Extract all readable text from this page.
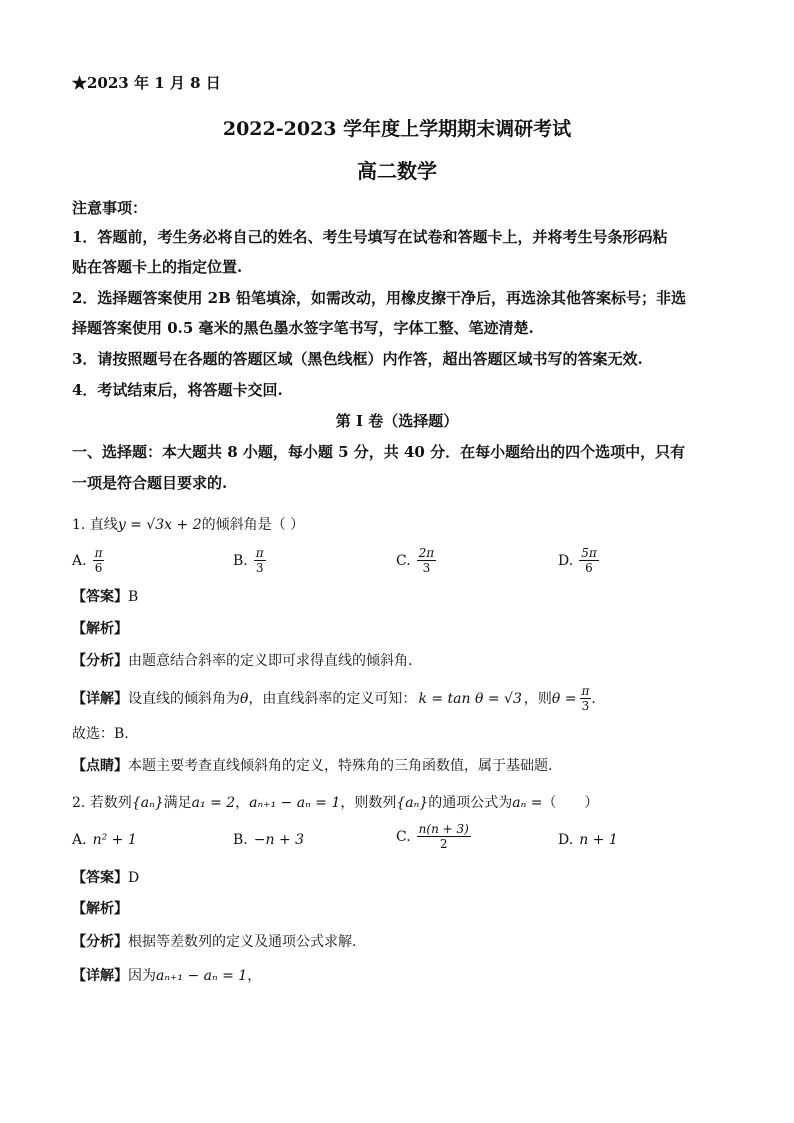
★2023 年 1 月 8 日
2022-2023 学年度上学期期末调研考试
高二数学
注意事项：
1．答题前，考生务必将自己的姓名、考生号填写在试卷和答题卡上，并将考生号条形码粘
贴在答题卡上的指定位置.
2．选择题答案使用 2B 铅笔填涂，如需改动，用橡皮擦干净后，再选涂其他答案标号；非选
择题答案使用 0.5 毫米的黑色墨水签字笔书写，字体工整、笔迹清楚.
3．请按照题号在各题的答题区域（黑色线框）内作答，超出答题区域书写的答案无效.
4．考试结束后，将答题卡交回.
第 I 卷（选择题）
一、选择题：本大题共 8 小题，每小题 5 分，共 40 分．在每小题给出的四个选项中，只有
一项是符合题目要求的.
1. 直线y = √3x + 2的倾斜角是（ ）
A. $\frac{\pi}{6}$	B. $\frac{\pi}{3}$	C. $\frac{2\pi}{3}$	D. $\frac{5\pi}{6}$
【答案】B
【解析】
【分析】由题意结合斜率的定义即可求得直线的倾斜角.
【详解】 设直线的倾斜角为 θ ，由直线斜率的定义可知： k = tan θ = √3 ，则 $\theta = \frac{\pi}{3}$ .
故选：B.
【点睛】本题主要考查直线倾斜角的定义，特殊角的三角函数值，属于基础题.
2. 若数列{aₙ}满足a₁ = 2，aₙ₊₁ − aₙ = 1，则数列{aₙ}的通项公式为aₙ =（　　）
A. n² + 1	B. −n + 3	C. $\frac{n(n + 3)}{2}$	D. n + 1
【答案】D
【解析】
【分析】根据等差数列的定义及通项公式求解.
【详解】因为aₙ₊₁ − aₙ = 1，
